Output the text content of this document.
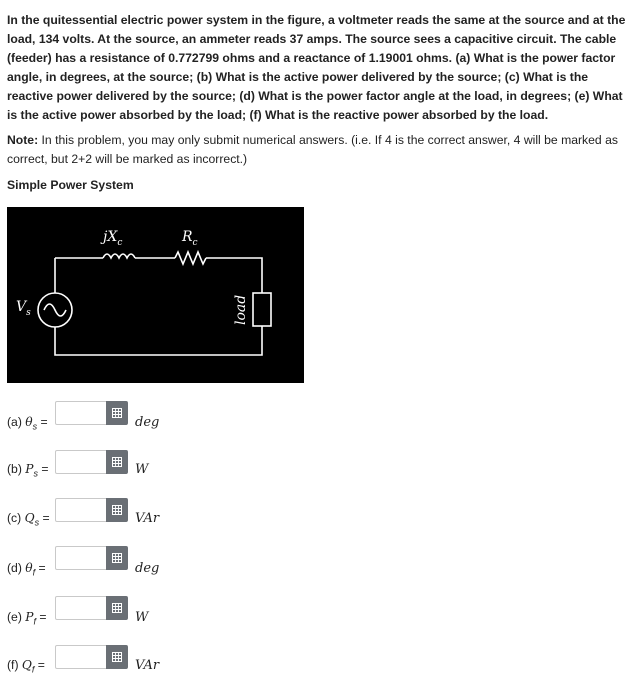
In the quitessential electric power system in the figure, a voltmeter reads the same at the source and at the load, 134 volts. At the source, an ammeter reads 37 amps. The source sees a capacitive circuit. The cable (feeder) has a resistance of 0.772799 ohms and a reactance of 1.19001 ohms. (a) What is the power factor angle, in degrees, at the source; (b) What is the active power delivered by the source; (c) What is the reactive power delivered by the source; (d) What is the power factor angle at the load, in degrees; (e) What is the active power absorbed by the load; (f) What is the reactive power absorbed by the load.

Note: In this problem, you may only submit numerical answers. (i.e. If 4 is the correct answer, 4 will be marked as correct, but 2+2 will be marked as incorrect.)

Simple Power System

$jX_c$	$R_c$
$V_s$	load
(a) $\theta_s$ =	deg
(b) $P_s$ =	W
(c) $Q_s$ =	VAr
(d) $\theta_f$ =	deg
(e) $P_f$ =	W
(f) $Q_f$ =	VAr
